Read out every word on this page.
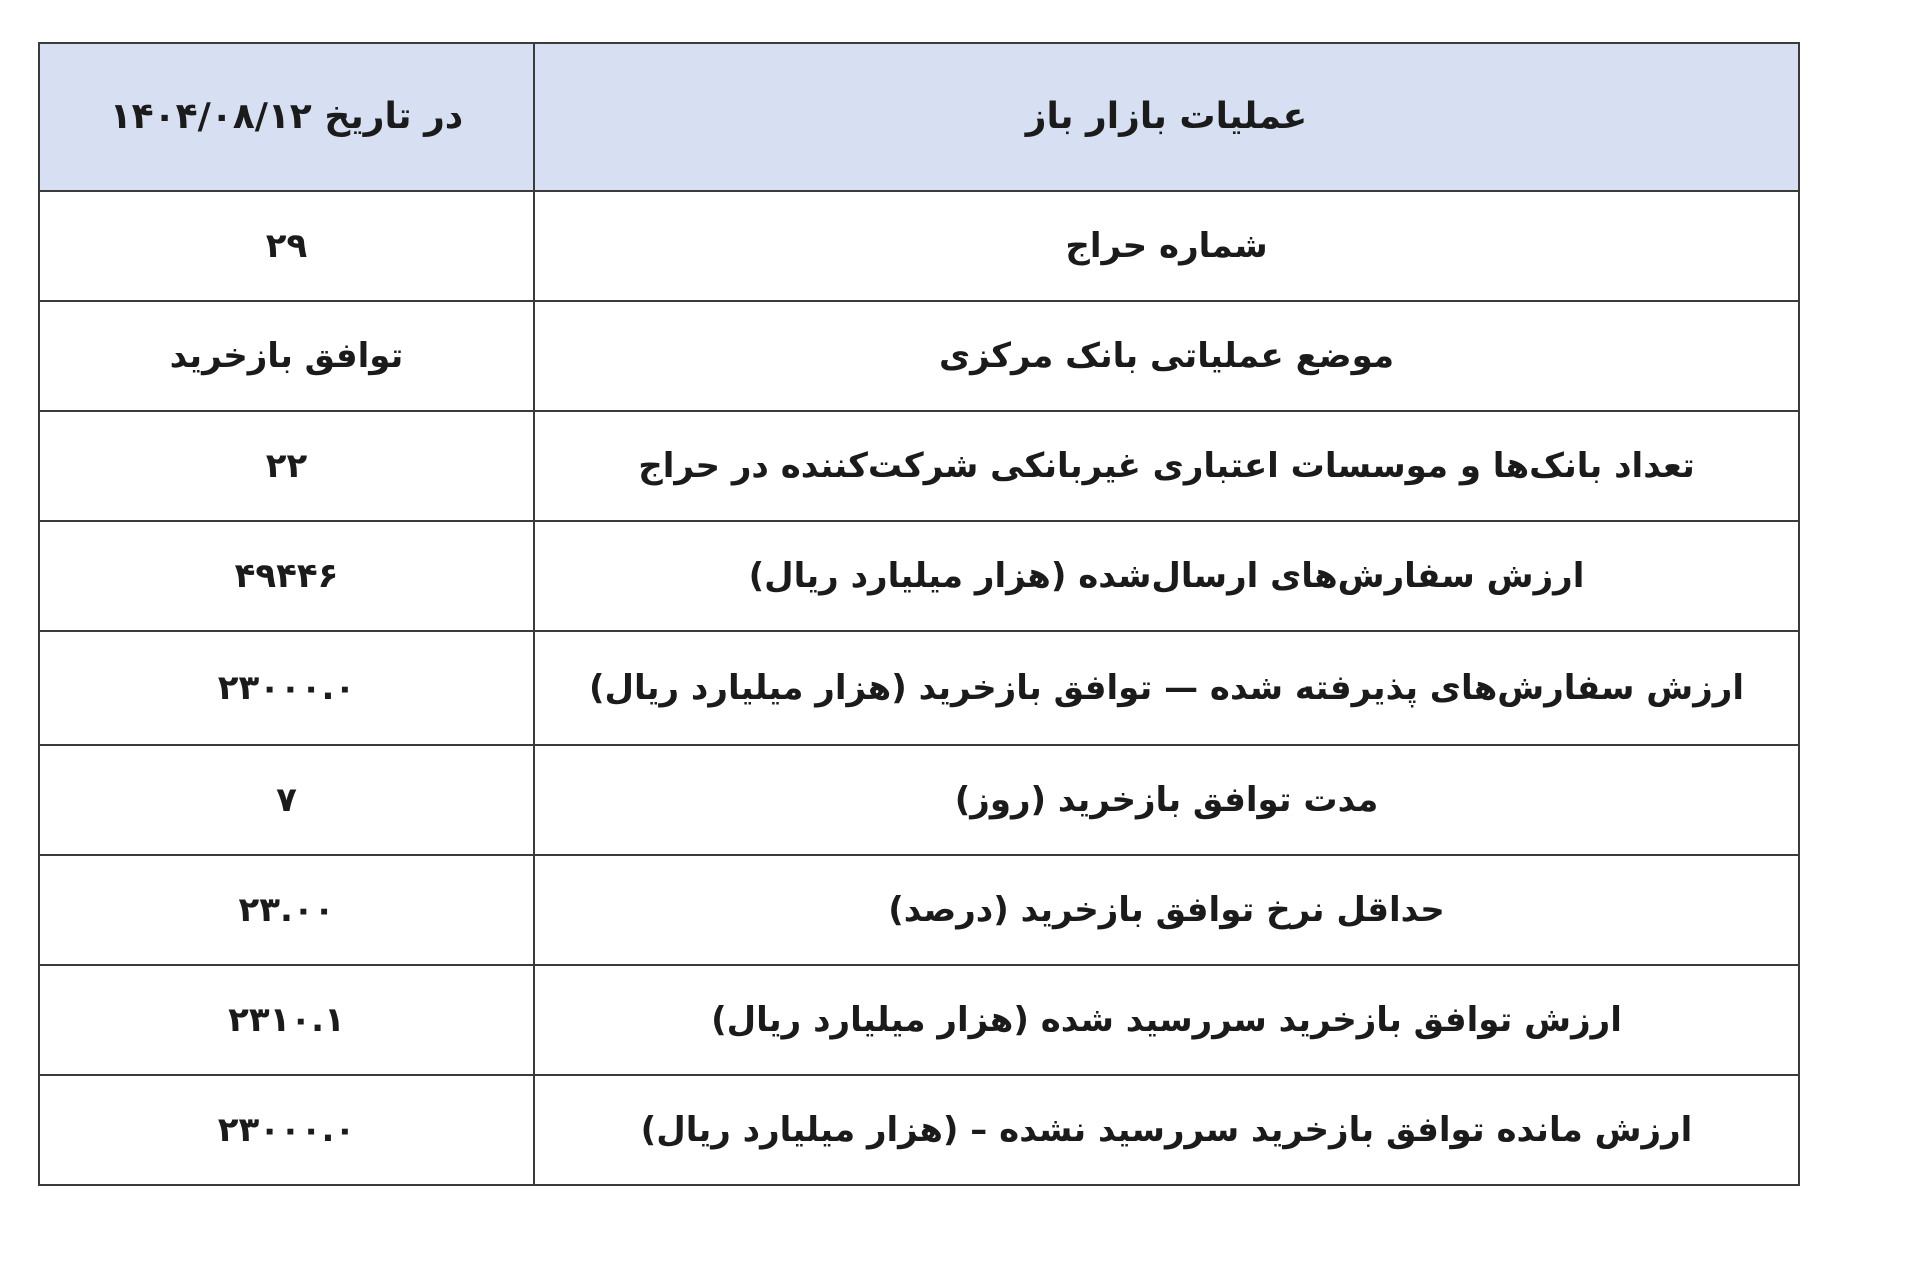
عملیات بازار باز	در تاریخ ۱۴۰۴/۰۸/۱۲
شماره حراج	۲۹
موضع عملیاتی بانک مرکزی	توافق بازخرید
تعداد بانک‌ها و موسسات اعتباری غیربانکی شرکت‌کننده در حراج	۲۲
ارزش سفارش‌های ارسال‌شده (هزار میلیارد ریال)	۴۹۴۴۶
ارزش سفارش‌های پذیرفته شده — توافق بازخرید (هزار میلیارد ریال)	۲۳۰۰۰.۰
مدت توافق بازخرید (روز)	۷
حداقل نرخ توافق بازخرید (درصد)	۲۳.۰۰
ارزش توافق بازخرید سررسید شده (هزار میلیارد ریال)	۲۳۱۰.۱
ارزش مانده توافق بازخرید سررسید نشده – (هزار میلیارد ریال)	۲۳۰۰۰.۰
